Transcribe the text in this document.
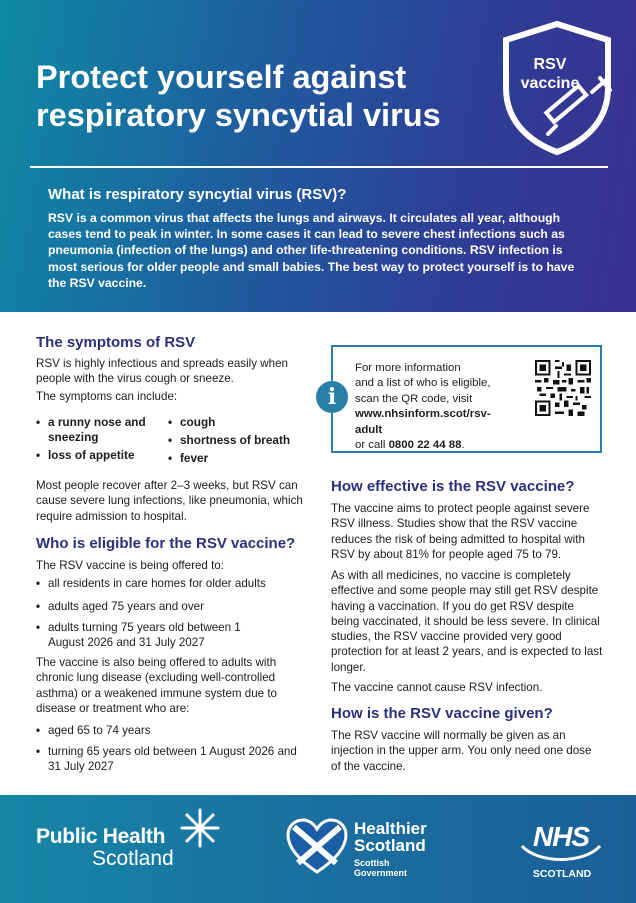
Protect yourself against respiratory syncytial virus
RSV vaccine
What is respiratory syncytial virus (RSV)?
RSV is a common virus that affects the lungs and airways. It circulates all year, although cases tend to peak in winter. In some cases it can lead to severe chest infections such as pneumonia (infection of the lungs) and other life-threatening conditions. RSV infection is most serious for older people and small babies. The best way to protect yourself is to have the RSV vaccine.
The symptoms of RSV

RSV is highly infectious and spreads easily when people with the virus cough or sneeze.

The symptoms can include:

• a runny nose and sneezing
• loss of appetite
• cough
• shortness of breath
• fever

Most people recover after 2–3 weeks, but RSV can cause severe lung infections, like pneumonia, which require admission to hospital.

Who is eligible for the RSV vaccine?

The RSV vaccine is being offered to:

• all residents in care homes for older adults
• adults aged 75 years and over
• adults turning 75 years old between 1 August 2026 and 31 July 2027

The vaccine is also being offered to adults with chronic lung disease (excluding well-controlled asthma) or a weakened immune system due to disease or treatment who are:

• aged 65 to 74 years
• turning 65 years old between 1 August 2026 and 31 July 2027
i
For more information
and a list of who is eligible,
scan the QR code, visit
www.nhsinform.scot/rsv-adult
or call 0800 22 44 88.
How effective is the RSV vaccine?

The vaccine aims to protect people against severe RSV illness. Studies show that the RSV vaccine reduces the risk of being admitted to hospital with RSV by about 81% for people aged 75 to 79.

As with all medicines, no vaccine is completely effective and some people may still get RSV despite having a vaccination. If you do get RSV despite being vaccinated, it should be less severe. In clinical studies, the RSV vaccine provided very good protection for at least 2 years, and is expected to last longer.

The vaccine cannot cause RSV infection.

How is the RSV vaccine given?

The RSV vaccine will normally be given as an injection in the upper arm. You only need one dose of the vaccine.

Public Health
Scotland
Healthier
Scotland
Scottish
Government
NHS
SCOTLAND
